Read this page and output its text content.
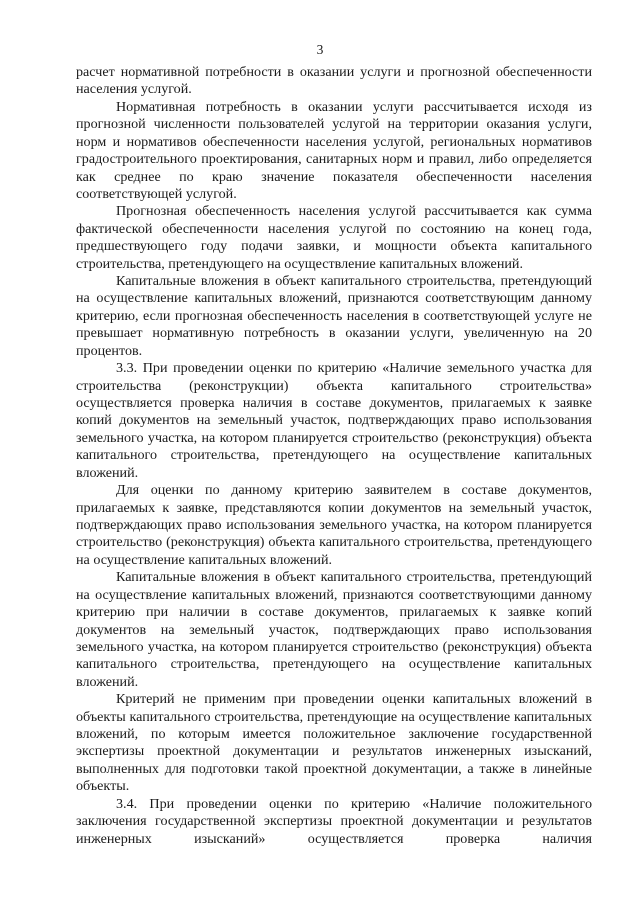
3

расчет нормативной потребности в оказании услуги и прогнозной обеспеченности населения услугой.

Нормативная потребность в оказании услуги рассчитывается исходя из прогнозной численности пользователей услугой на территории оказания услуги, норм и нормативов обеспеченности населения услугой, региональных нормативов градостроительного проектирования, санитарных норм и правил, либо определяется как среднее по краю значение показателя обеспеченности населения соответствующей услугой.

Прогнозная обеспеченность населения услугой рассчитывается как сумма фактической обеспеченности населения услугой по состоянию на конец года, предшествующего году подачи заявки, и мощности объекта капитального строительства, претендующего на осуществление капитальных вложений.

Капитальные вложения в объект капитального строительства, претендующий на осуществление капитальных вложений, признаются соответствующим данному критерию, если прогнозная обеспеченность населения в соответствующей услуге не превышает нормативную потребность в оказании услуги, увеличенную на 20 процентов.

3.3. При проведении оценки по критерию «Наличие земельного участка для строительства (реконструкции) объекта капитального строительства» осуществляется проверка наличия в составе документов, прилагаемых к заявке копий документов на земельный участок, подтверждающих право использования земельного участка, на котором планируется строительство (реконструкция) объекта капитального строительства, претендующего на осуществление капитальных вложений.

Для оценки по данному критерию заявителем в составе документов, прилагаемых к заявке, представляются копии документов на земельный участок, подтверждающих право использования земельного участка, на котором планируется строительство (реконструкция) объекта капитального строительства, претендующего на осуществление капитальных вложений.

Капитальные вложения в объект капитального строительства, претендующий на осуществление капитальных вложений, признаются соответствующими данному критерию при наличии в составе документов, прилагаемых к заявке копий документов на земельный участок, подтверждающих право использования земельного участка, на котором планируется строительство (реконструкция) объекта капитального строительства, претендующего на осуществление капитальных вложений.

Критерий не применим при проведении оценки капитальных вложений в объекты капитального строительства, претендующие на осуществление капитальных вложений, по которым имеется положительное заключение государственной экспертизы проектной документации и результатов инженерных изысканий, выполненных для подготовки такой проектной документации, а также в линейные объекты.

3.4. При проведении оценки по критерию «Наличие положительного заключения государственной экспертизы проектной документации и результатов инженерных изысканий» осуществляется проверка наличия
